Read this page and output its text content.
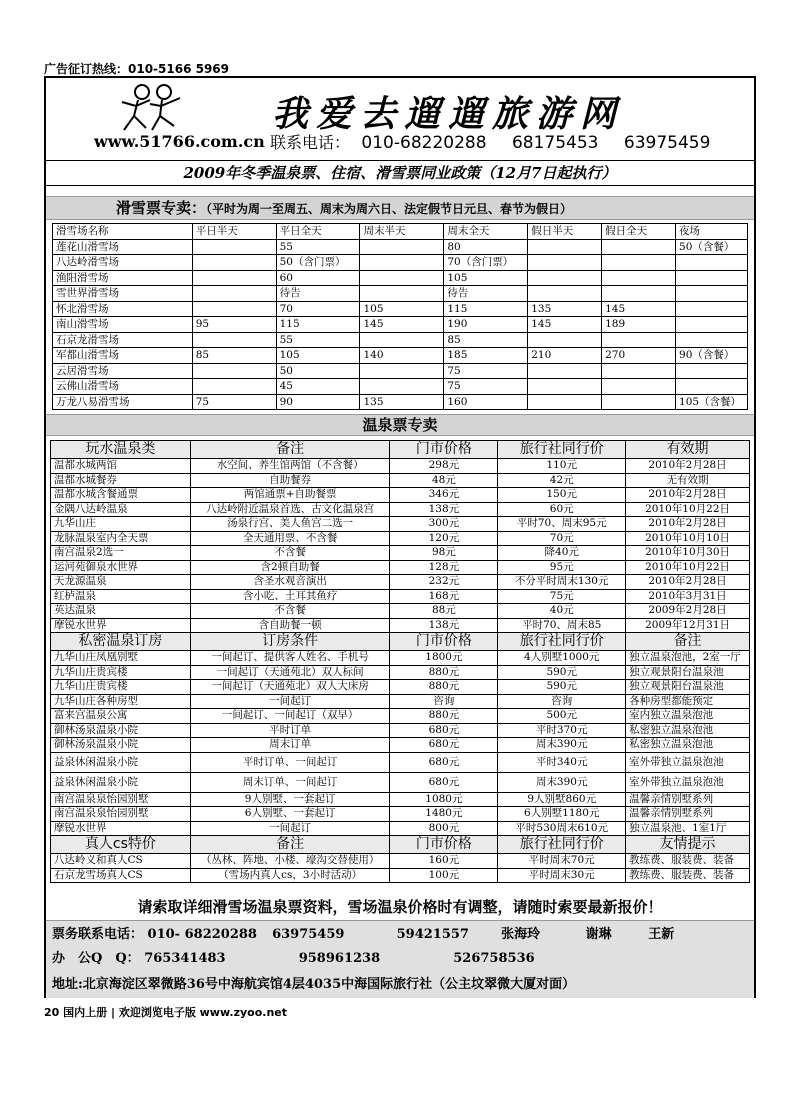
广告征订热线：010-5166 5969
我爱去遛遛旅游网
www.51766.com.cn 联系电话： 010-68220288 68175453 63975459
2009年冬季温泉票、住宿、滑雪票同业政策（12月7日起执行）
滑雪票专卖：（平时为周一至周五、周末为周六日、法定假节日元旦、春节为假日）
滑雪场名称	平日半天	平日全天	周末半天	周末全天	假日半天	假日全天	夜场
莲花山滑雪场		55		80			50（含餐）
八达岭滑雪场		50（含门票）		70（含门票）			
渔阳滑雪场		60		105			
雪世界滑雪场		待告		待告			
怀北滑雪场		70	105	115	135	145	
南山滑雪场	95	115	145	190	145	189	
石京龙滑雪场		55		85			
军都山滑雪场	85	105	140	185	210	270	90（含餐）
云居滑雪场		50		75			
云佛山滑雪场		45		75			
万龙八易滑雪场	75	90	135	160			105（含餐）
温泉票专卖
玩水温泉类	备注	门市价格	旅行社同行价	有效期
温都水城两馆	水空间、养生馆两馆（不含餐）	298元	110元	2010年2月28日
温都水城餐券	自助餐券	48元	42元	无有效期
温都水城含餐通票	两馆通票+自助餐票	346元	150元	2010年2月28日
金隅八达岭温泉	八达岭附近温泉首选、古文化温泉宫	138元	60元	2010年10月22日
九华山庄	汤泉行宫、美人鱼宫二选一	300元	平时70、周末95元	2010年2月28日
龙脉温泉室内全天票	全天通用票、不含餐	120元	70元	2010年10月10日
南宫温泉2选一	不含餐	98元	降40元	2010年10月30日
运河苑御泉水世界	含2顿自助餐	128元	95元	2010年10月22日
天龙源温泉	含圣水观音演出	232元	不分平时周末130元	2010年2月28日
红栌温泉	含小吃、土耳其鱼疗	168元	75元	2010年3月31日
英达温泉	不含餐	88元	40元	2009年2月28日
摩锐水世界	含自助餐一顿	138元	平时70、周末85	2009年12月31日
私密温泉订房	订房条件	门市价格	旅行社同行价	备注
九华山庄凤凰别墅	一间起订、提供客人姓名、手机号	1800元	4人别墅1000元	独立温泉泡池，2室一厅
九华山庄贵宾楼	一间起订（天通苑北）双人标间	880元	590元	独立观景阳台温泉池
九华山庄贵宾楼	一间起订（天通苑北）双人大床房	880元	590元	独立观景阳台温泉池
九华山庄各种房型	一间起订	咨询	咨询	各种房型都能预定
富来宫温泉公寓	一间起订、一间起订（双早）	880元	500元	室内独立温泉泡池
御林汤泉温泉小院	平时订单	680元	平时370元	私密独立温泉泡池
御林汤泉温泉小院	周末订单	680元	周末390元	私密独立温泉泡池
益泉休闲温泉小院	平时订单、一间起订	680元	平时340元	室外带独立温泉泡池
益泉休闲温泉小院	周末订单、一间起订	680元	周末390元	室外带独立温泉泡池
南宫温泉泉怡园别墅	9人别墅、一套起订	1080元	9人别墅860元	温馨亲情别墅系列
南宫温泉泉怡园别墅	6人别墅、一套起订	1480元	6人别墅1180元	温馨亲情别墅系列
摩锐水世界	一间起订	800元	平时530周末610元	独立温泉池、1室1厅
真人cs特价	备注	门市价格	旅行社同行价	友情提示
八达岭义和真人CS	（丛林、阵地、小楼、壕沟交替使用）	160元	平时周末70元	教练费、服装费、装备
石京龙雪场真人CS	（雪场内真人cs，3小时活动）	100元	平时周末30元	教练费、服装费、装备
请索取详细滑雪场温泉票资料，雪场温泉价格时有调整，请随时索要最新报价！
票务联系电话： 010- 68220288 63975459	59421557 张海玲	谢琳	王新
办　公Q　Q： 765341483	958961238	526758536
地址:北京海淀区翠微路36号中海航宾馆4层4035中海国际旅行社（公主坟翠微大厦对面）
20 国内上册 | 欢迎浏览电子版 www.zyoo.net
